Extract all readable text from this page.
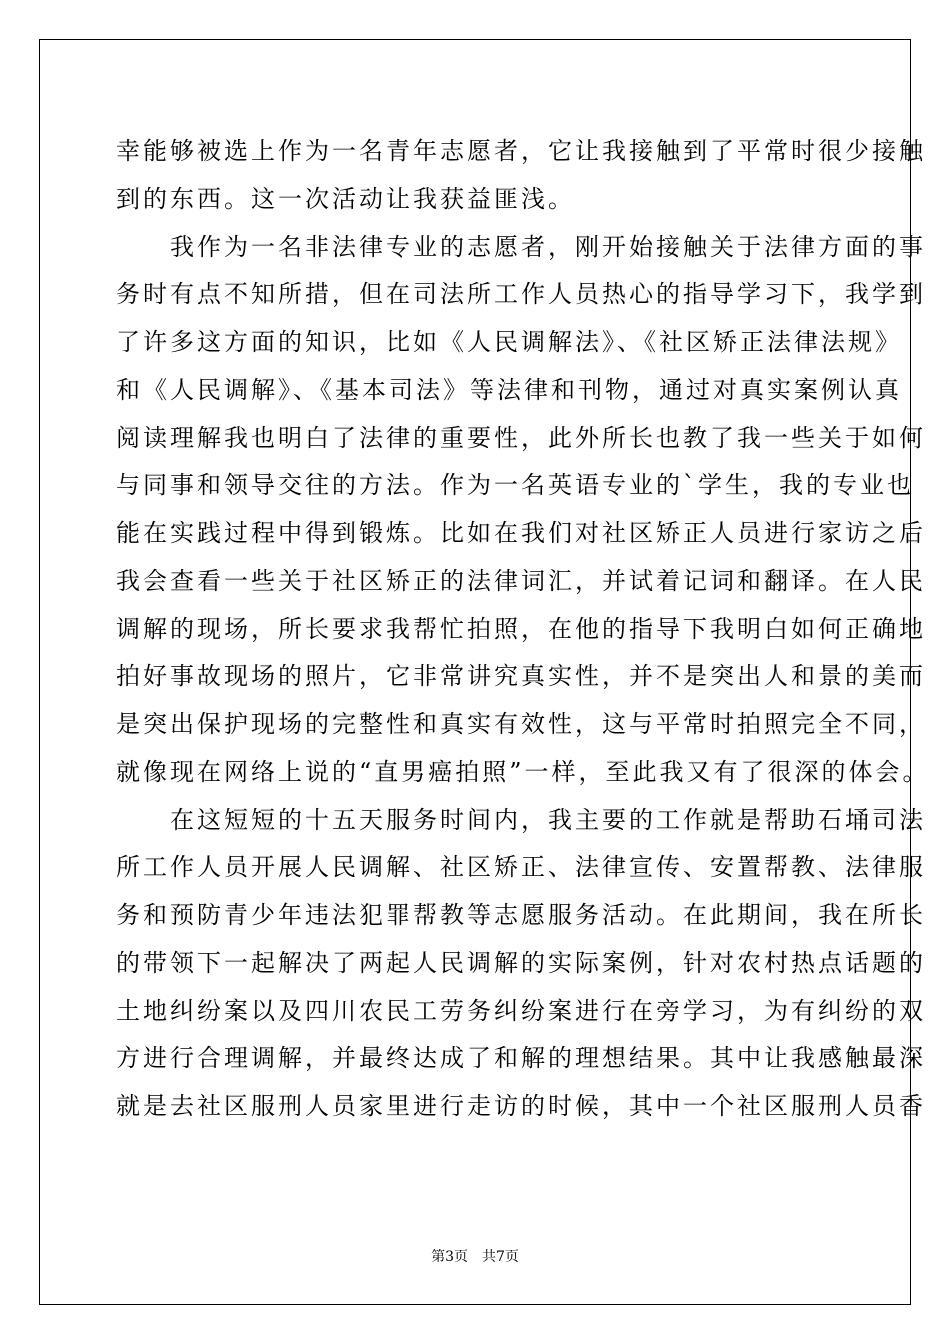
幸能够被选上作为一名青年志愿者，它让我接触到了平常时很少接触
到的东西。这一次活动让我获益匪浅。
　　我作为一名非法律专业的志愿者，刚开始接触关于法律方面的事
务时有点不知所措，但在司法所工作人员热心的指导学习下，我学到
了许多这方面的知识，比如《人民调解法》、《社区矫正法律法规》
和《人民调解》、《基本司法》等法律和刊物，通过对真实案例认真
阅读理解我也明白了法律的重要性，此外所长也教了我一些关于如何
与同事和领导交往的方法。作为一名英语专业的`学生，我的专业也
能在实践过程中得到锻炼。比如在我们对社区矫正人员进行家访之后
我会查看一些关于社区矫正的法律词汇，并试着记词和翻译。在人民
调解的现场，所长要求我帮忙拍照，在他的指导下我明白如何正确地
拍好事故现场的照片，它非常讲究真实性，并不是突出人和景的美而
是突出保护现场的完整性和真实有效性，这与平常时拍照完全不同，
就像现在网络上说的“直男癌拍照”一样，至此我又有了很深的体会。
　　在这短短的十五天服务时间内，我主要的工作就是帮助石埇司法
所工作人员开展人民调解、社区矫正、法律宣传、安置帮教、法律服
务和预防青少年违法犯罪帮教等志愿服务活动。在此期间，我在所长
的带领下一起解决了两起人民调解的实际案例，针对农村热点话题的
土地纠纷案以及四川农民工劳务纠纷案进行在旁学习，为有纠纷的双
方进行合理调解，并最终达成了和解的理想结果。其中让我感触最深
就是去社区服刑人员家里进行走访的时候，其中一个社区服刑人员香
第3页　共7页
